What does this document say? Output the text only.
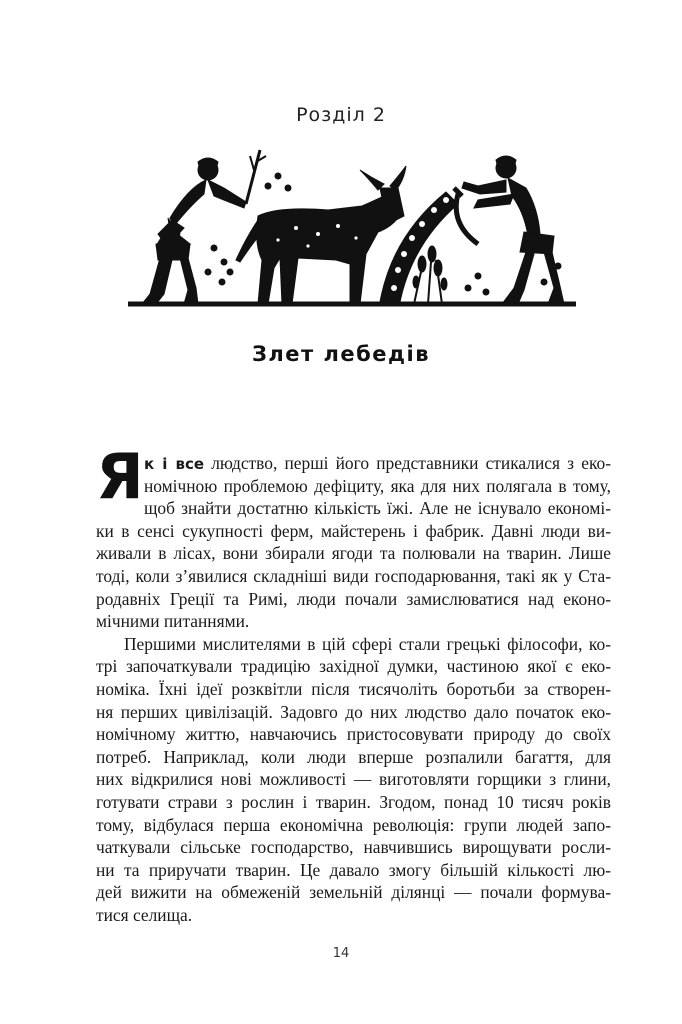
Розділ 2
Злет лебедів
Я к і все людство, перші його представники стикалися з еко-
номічною проблемою дефіциту, яка для них полягала в тому,
щоб знайти достатню кількість їжі. Але не існувало економі-
ки в сенсі сукупності ферм, майстерень і фабрик. Давні люди ви-
живали в лісах, вони збирали ягоди та полювали на тварин. Лише
тоді, коли з’явилися складніші види господарювання, такі як у Ста-
родавніх Греції та Римі, люди почали замислюватися над еконо-
мічними питаннями.
Першими мислителями в цій сфері стали грецькі філософи, ко-
трі започаткували традицію західної думки, частиною якої є еко-
номіка. Їхні ідеї розквітли після тисячоліть боротьби за створен-
ня перших цивілізацій. Задовго до них людство дало початок еко-
номічному життю, навчаючись пристосовувати природу до своїх
потреб. Наприклад, коли люди вперше розпалили багаття, для
них відкрилися нові можливості — виготовляти горщики з глини,
готувати страви з рослин і тварин. Згодом, понад 10 тисяч років
тому, відбулася перша економічна революція: групи людей запо-
чаткували сільське господарство, навчившись вирощувати росли-
ни та приручати тварин. Це давало змогу більшій кількості лю-
дей вижити на обмеженій земельній ділянці — почали формува-
тися селища.
14
